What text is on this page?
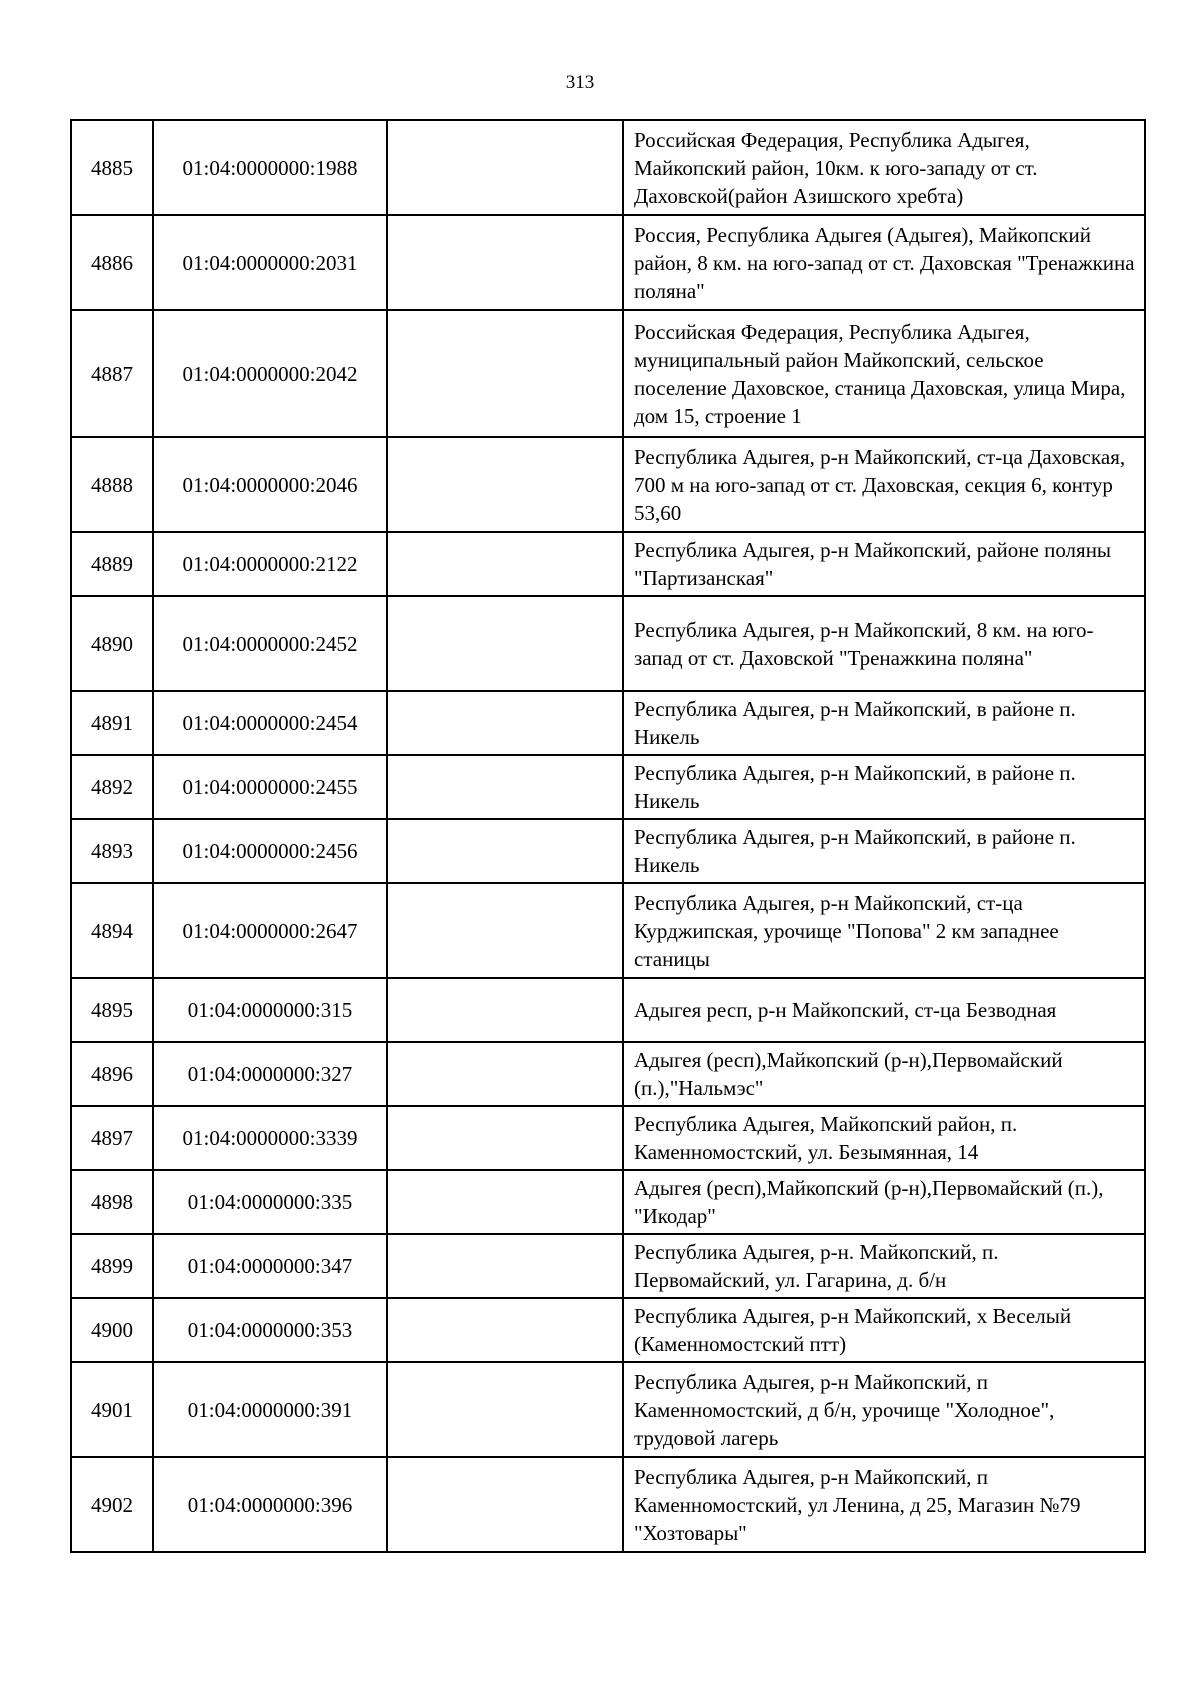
313
4885	01:04:0000000:1988		Российская Федерация, Республика Адыгея, Майкопский район, 10км. к юго-западу от ст. Даховской(район Азишского хребта)
4886	01:04:0000000:2031		Россия, Республика Адыгея (Адыгея), Майкопский район, 8 км. на юго-запад от ст. Даховская "Тренажкина поляна"
4887	01:04:0000000:2042		Российская Федерация, Республика Адыгея, муниципальный район Майкопский, сельское поселение Даховское, станица Даховская, улица Мира, дом 15, строение 1
4888	01:04:0000000:2046		Республика Адыгея, р-н Майкопский, ст-ца Даховская, 700 м на юго-запад от ст. Даховская, секция 6, контур 53,60
4889	01:04:0000000:2122		Республика Адыгея, р-н Майкопский, районе поляны "Партизанская"
4890	01:04:0000000:2452		Республика Адыгея, р-н Майкопский, 8 км. на юго-запад от ст. Даховской "Тренажкина поляна"
4891	01:04:0000000:2454		Республика Адыгея, р-н Майкопский, в районе п. Никель
4892	01:04:0000000:2455		Республика Адыгея, р-н Майкопский, в районе п. Никель
4893	01:04:0000000:2456		Республика Адыгея, р-н Майкопский, в районе п. Никель
4894	01:04:0000000:2647		Республика Адыгея, р-н Майкопский, ст-ца Курджипская, урочище "Попова" 2 км западнее станицы
4895	01:04:0000000:315		Адыгея респ, р-н Майкопский, ст-ца Безводная
4896	01:04:0000000:327		Адыгея (респ),Майкопский (р-н),Первомайский (п.),"Нальмэс"
4897	01:04:0000000:3339		Республика Адыгея, Майкопский район, п. Каменномостский, ул. Безымянная, 14
4898	01:04:0000000:335		Адыгея (респ),Майкопский (р-н),Первомайский (п.), "Икодар"
4899	01:04:0000000:347		Республика Адыгея, р-н. Майкопский, п. Первомайский, ул. Гагарина, д. б/н
4900	01:04:0000000:353		Республика Адыгея, р-н Майкопский, х Веселый (Каменномостский птт)
4901	01:04:0000000:391		Республика Адыгея, р-н Майкопский, п Каменномостский, д б/н, урочище "Холодное", трудовой лагерь
4902	01:04:0000000:396		Республика Адыгея, р-н Майкопский, п Каменномостский, ул Ленина, д 25, Магазин №79 "Хозтовары"
